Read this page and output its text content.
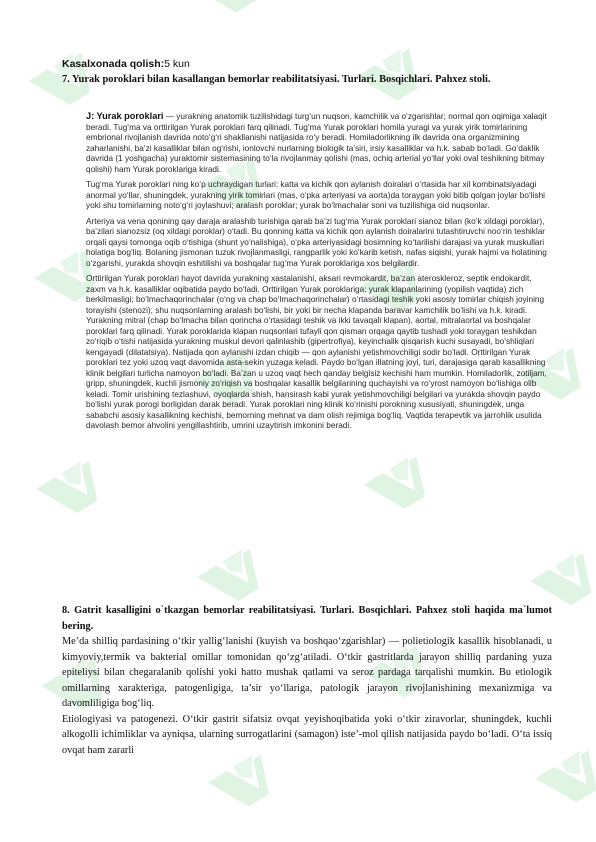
Kasalxonada qolish:5 kun
7. Yurak poroklari bilan kasallangan bemorlar reabilitatsiyasi. Turlari. Bosqichlari. Pahxez stoli.

J: Yurak poroklari — yurakning anatomik tuzilishidagi turg‘un nuqson, kamchilik va o‘zgarishlar; normal qon oqimiga xalaqit beradi. Tug‘ma va orttirilgan Yurak poroklari farq qilinadi. Tug‘ma Yurak poroklari homila yuragi va yurak yirik tomirlarining embrional rivojlanish davrida noto‘g‘ri shakllanishi natijasida ro‘y beradi. Homiladorlikning ilk davrida ona organizmining zaharlanishi, ba’zi kasalliklar bilan og‘rishi, ionlovchi nurlarning biologik ta’siri, irsiy kasalliklar va h.k. sabab bo‘ladi. Go‘daklik davrida (1 yoshgacha) yuraktomir sistemasining to‘la rivojlanmay qolishi (mas, ochiq arterial yo‘llar yoki oval teshikning bitmay qolishi) ham Yurak poroklariga kiradi.

Tug‘ma Yurak poroklari ning ko‘p uchraydigan turlari: katta va kichik qon aylanish doiralari o‘rtasida har xil kombinatsiyadagi anormal yo‘llar, shuningdek, yurakning yirik tomirlari (mas, o‘pka arteriyasi va aorta)da toraygan yoki bitib qolgan joylar bo‘lishi yoki shu tomirlarning noto‘g‘ri joylashuvi; aralash poroklar; yurak bo‘lmachalar soni va tuzilishiga oid nuqsonlar.

Arteriya va vena qonining qay daraja aralashib turishiga qarab ba’zi tug‘ma Yurak poroklari sianoz bilan (ko‘k xildagi poroklar), ba’zilari sianozsiz (oq xildagi poroklar) o‘tadi. Bu qonning katta va kichik qon aylanish doiralarini tutashtiruvchi noo‘rin teshiklar orqali qaysi tomonga oqib o‘tishiga (shunt yo‘nalishiga), o‘pka arteriyasidagi bosimning ko‘tarilishi darajasi va yurak muskullari holatiga bog‘liq. Bolaning jismonan tuzuk rivojlanmasligi, rangparlik yoki ko‘karib ketish, nafas siqishi, yurak hajmi va holatining o‘zgarishi, yurakda shovqin eshitilishi va boshqalar tug‘ma Yurak poroklariga xos belgilardir.

Orttirilgan Yurak poroklari hayot davrida yurakning xastalanishi, aksari revmokardit, ba’zan ateroskleroz, septik endokardit, zaxm va h.k. kasalliklar oqibatida paydo bo‘ladi. Orttirilgan Yurak poroklariga: yurak klapanlarining (yopilish vaqtida) zich berkilmasligi; bo‘lmachaqorinchalar (o‘ng va chap bo‘lmachaqorinchalar) o‘rtasidagi teshik yoki asosiy tomirlar chiqish joyining torayishi (stenozi); shu nuqsonlarning aralash bo‘lishi, bir yoki bir necha klapanda baravar kamchilik bo‘lishi va h.k. kiradi. Yurakning mitral (chap bo‘lmacha bilan qorincha o‘rtasidagi teshik va ikki tavaqali klapan), aortal, mitralaortal va boshqalar poroklari farq qilinadi. Yurak poroklarida klapan nuqsonlari tufayli qon qisman orqaga qaytib tushadi yoki toraygan teshikdan zo‘riqib o‘tishi natijasida yurakning muskul devori qalinlashib (gipertrofiya), keyinchalik qisqarish kuchi susayadi, bo‘shliqlari kengayadi (dilatatsiya). Natijada qon aylanishi izdan chiqib — qon aylanishi yetishmovchiligi sodir bo‘ladi. Orttirilgan Yurak poroklari tez yoki uzoq vaqt davomida asta-sekin yuzaga keladi. Paydo bo‘lgan illatning joyi, turi, darajasiga qarab kasallikning klinik belgilari turlicha namoyon bo‘ladi. Ba’zan u uzoq vaqt hech qanday belgisiz kechishi ham mumkin. Homiladorlik, zotiljam, gripp, shuningdek, kuchli jismoniy zo‘riqish va boshqalar kasallik belgilarining quchayishi va ro‘yrost namoyon bo‘lishiga olib keladi. Tomir urishining tezlashuvi, oyoqlarda shish, hansirash kabi yurak yetishmovchiligi belgilari va yurakda shovqin paydo bo‘lishi yurak porogi borligidan darak beradi. Yurak poroklari ning klinik ko‘rinishi porokning xususiyati, shuningdek, unga sababchi asosiy kasallikning kechishi, bemorning mehnat va dam olish rejimiga bog‘liq. Vaqtida terapevtik va jarrohlik usulida davolash bemor ahvolini yengillashtirib, umrini uzaytirish imkonini beradi.

8. Gatrit kasalligini o`tkazgan bemorlar reabilitatsiyasi. Turlari. Bosqichlari. Pahxez stoli haqida ma`lumot bering.

Me’da shilliq pardasining o‘tkir yallig‘lanishi (kuyish va boshqao‘zgarishlar) — polietiologik kasallik hisoblanadi, u kimyoviy,termik va bakterial omillar tomonidan qo‘zg‘atiladi. O‘tkir gastritlarda jarayon shilliq pardaning yuza epiteliysi bilan chegaralanib qolishi yoki hatto mushak qatlami va seroz pardaga tarqalishi mumkin. Bu etiologik omillarning xarakteriga, patogenligiga, ta’sir yo‘llariga, patologik jarayon rivojlanishining mexanizmiga va davomliligiga bog‘liq.

Etiologiyasi va patogenezi. O‘tkir gastrit sifatsiz ovqat yeyishoqibatida yoki o‘tkir ziravorlar, shuningdek, kuchli alkogolli ichimliklar va ayniqsa, ularning surrogatlarini (samagon) iste’-mol qilish natijasida paydo bo‘ladi. O‘ta issiq ovqat ham zararli
